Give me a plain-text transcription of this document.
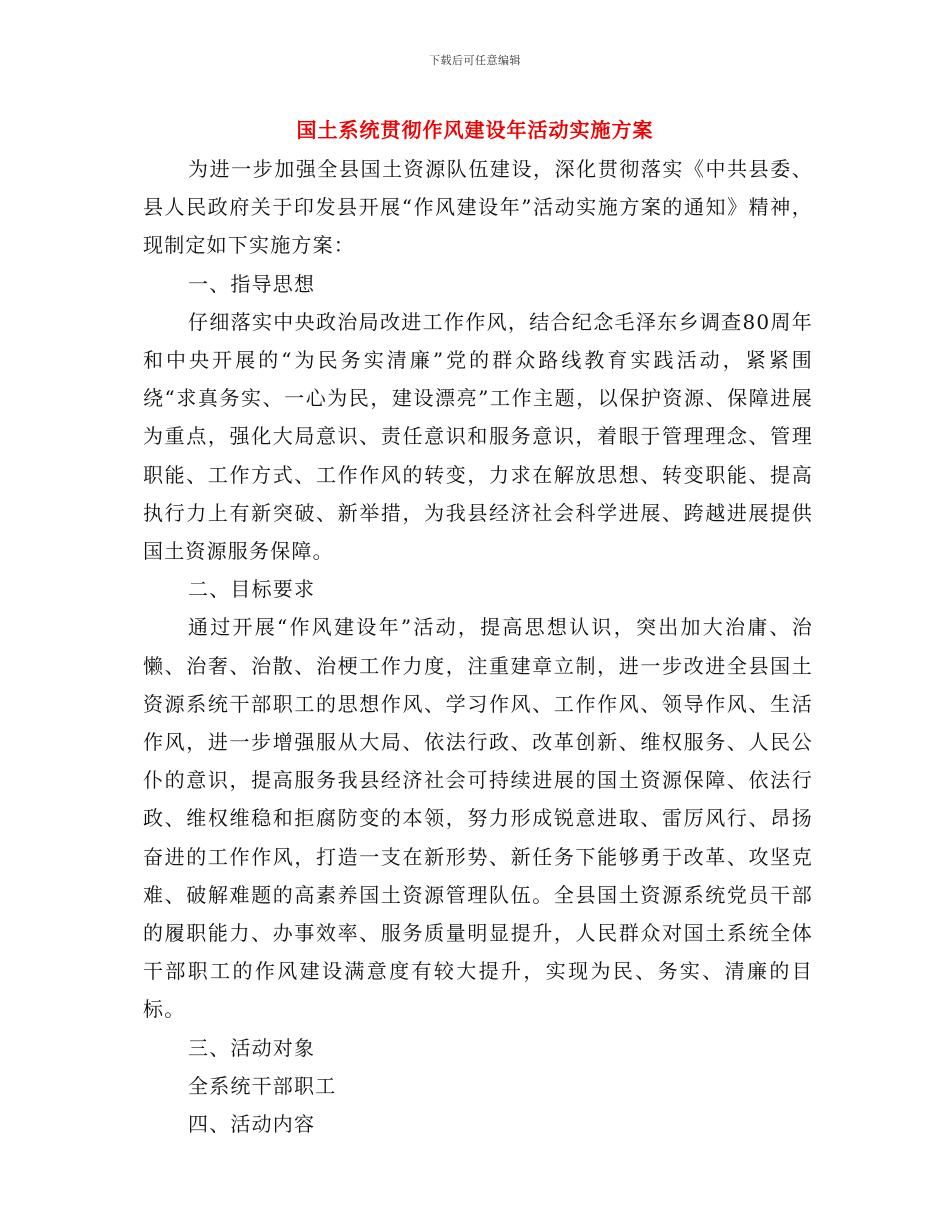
下载后可任意编辑
国土系统贯彻作风建设年活动实施方案

为进一步加强全县国土资源队伍建设，深化贯彻落实《中共县委、县人民政府关于印发县开展“作风建设年”活动实施方案的通知》精神，现制定如下实施方案：

一、指导思想

仔细落实中央政治局改进工作作风，结合纪念毛泽东乡调查80周年和中央开展的“为民务实清廉”党的群众路线教育实践活动，紧紧围绕“求真务实、一心为民，建设漂亮”工作主题，以保护资源、保障进展为重点，强化大局意识、责任意识和服务意识，着眼于管理理念、管理职能、工作方式、工作作风的转变，力求在解放思想、转变职能、提高执行力上有新突破、新举措，为我县经济社会科学进展、跨越进展提供国土资源服务保障。

二、目标要求

通过开展“作风建设年”活动，提高思想认识，突出加大治庸、治懒、治奢、治散、治梗工作力度，注重建章立制，进一步改进全县国土资源系统干部职工的思想作风、学习作风、工作作风、领导作风、生活作风，进一步增强服从大局、依法行政、改革创新、维权服务、人民公仆的意识，提高服务我县经济社会可持续进展的国土资源保障、依法行政、维权维稳和拒腐防变的本领，努力形成锐意进取、雷厉风行、昂扬奋进的工作作风，打造一支在新形势、新任务下能够勇于改革、攻坚克难、破解难题的高素养国土资源管理队伍。全县国土资源系统党员干部的履职能力、办事效率、服务质量明显提升，人民群众对国土系统全体干部职工的作风建设满意度有较大提升，实现为民、务实、清廉的目标。

三、活动对象

全系统干部职工

四、活动内容
